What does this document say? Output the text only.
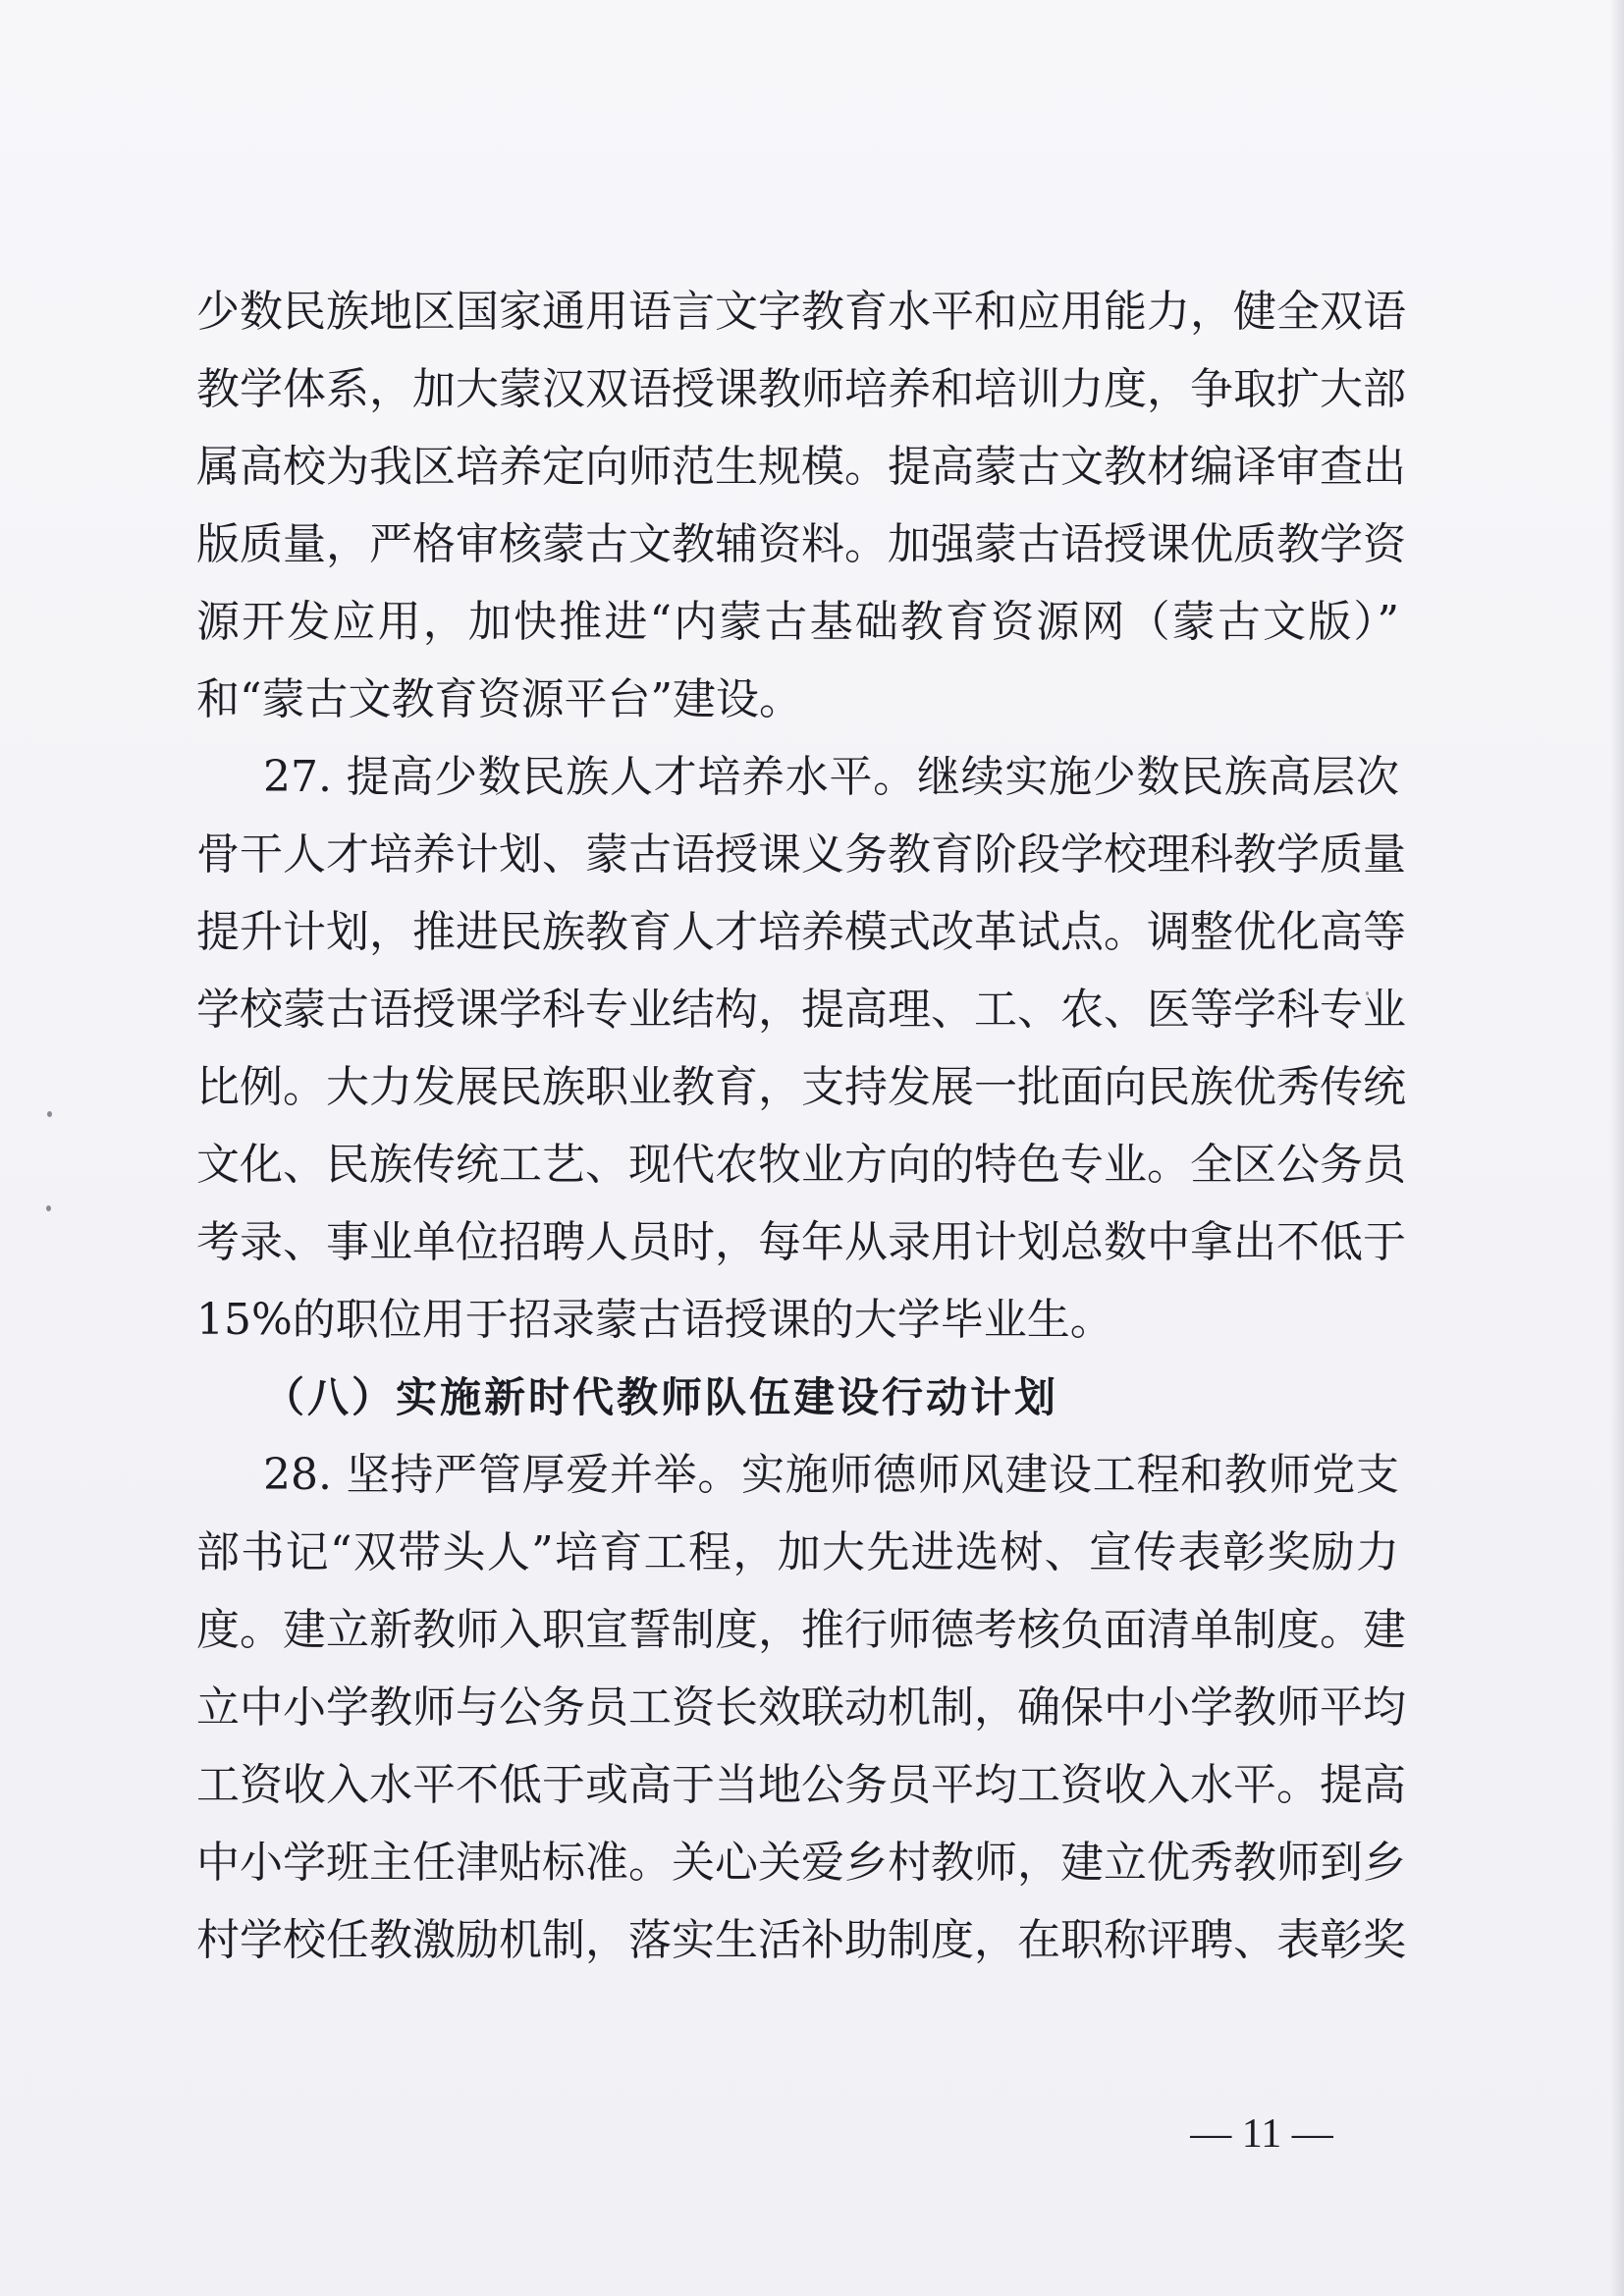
少数民族地区国家通用语言文字教育水平和应用能力，健全双语

教学体系，加大蒙汉双语授课教师培养和培训力度，争取扩大部

属高校为我区培养定向师范生规模。提高蒙古文教材编译审查出

版质量，严格审核蒙古文教辅资料。加强蒙古语授课优质教学资

源开发应用，加快推进“内蒙古基础教育资源网（蒙古文版）”

和“蒙古文教育资源平台”建设。

27. 提高少数民族人才培养水平。继续实施少数民族高层次

骨干人才培养计划、蒙古语授课义务教育阶段学校理科教学质量

提升计划，推进民族教育人才培养模式改革试点。调整优化高等

学校蒙古语授课学科专业结构，提高理、工、农、医等学科专业

比例。大力发展民族职业教育，支持发展一批面向民族优秀传统

文化、民族传统工艺、现代农牧业方向的特色专业。全区公务员

考录、事业单位招聘人员时，每年从录用计划总数中拿出不低于

15%的职位用于招录蒙古语授课的大学毕业生。

（八）实施新时代教师队伍建设行动计划

28. 坚持严管厚爱并举。实施师德师风建设工程和教师党支

部书记“双带头人”培育工程，加大先进选树、宣传表彰奖励力

度。建立新教师入职宣誓制度，推行师德考核负面清单制度。建

立中小学教师与公务员工资长效联动机制，确保中小学教师平均

工资收入水平不低于或高于当地公务员平均工资收入水平。提高

中小学班主任津贴标准。关心关爱乡村教师，建立优秀教师到乡

村学校任教激励机制，落实生活补助制度，在职称评聘、表彰奖

— 11 —
